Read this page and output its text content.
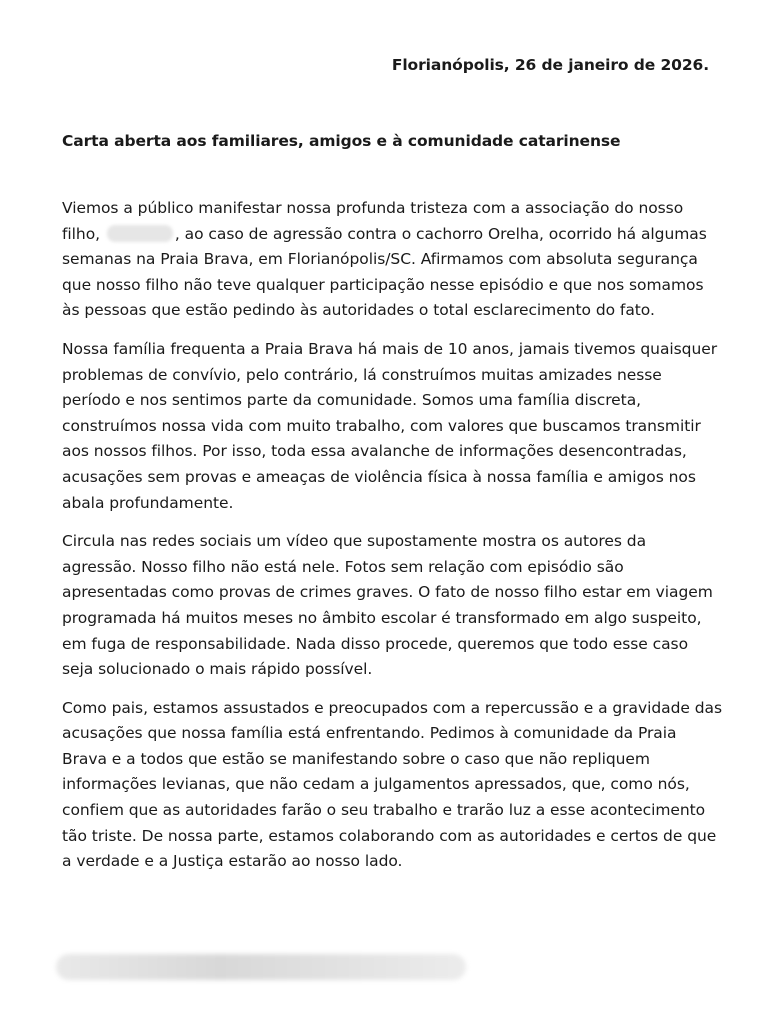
Florianópolis, 26 de janeiro de 2026.
Carta aberta aos familiares, amigos e à comunidade catarinense

Viemos a público manifestar nossa profunda tristeza com a associação do nosso filho,	, ao caso de agressão contra o cachorro Orelha, ocorrido há algumas semanas na Praia Brava, em Florianópolis/SC. Afirmamos com absoluta segurança que nosso filho não teve qualquer participação nesse episódio e que nos somamos às pessoas que estão pedindo às autoridades o total esclarecimento do fato.

Nossa família frequenta a Praia Brava há mais de 10 anos, jamais tivemos quaisquer problemas de convívio, pelo contrário, lá construímos muitas amizades nesse período e nos sentimos parte da comunidade. Somos uma família discreta, construímos nossa vida com muito trabalho, com valores que buscamos transmitir aos nossos filhos. Por isso, toda essa avalanche de informações desencontradas, acusações sem provas e ameaças de violência física à nossa família e amigos nos abala profundamente.

Circula nas redes sociais um vídeo que supostamente mostra os autores da agressão. Nosso filho não está nele. Fotos sem relação com episódio são apresentadas como provas de crimes graves. O fato de nosso filho estar em viagem programada há muitos meses no âmbito escolar é transformado em algo suspeito, em fuga de responsabilidade. Nada disso procede, queremos que todo esse caso seja solucionado o mais rápido possível.

Como pais, estamos assustados e preocupados com a repercussão e a gravidade das acusações que nossa família está enfrentando. Pedimos à comunidade da Praia Brava e a todos que estão se manifestando sobre o caso que não repliquem informações levianas, que não cedam a julgamentos apressados, que, como nós, confiem que as autoridades farão o seu trabalho e trarão luz a esse acontecimento tão triste. De nossa parte, estamos colaborando com as autoridades e certos de que a verdade e a Justiça estarão ao nosso lado.
